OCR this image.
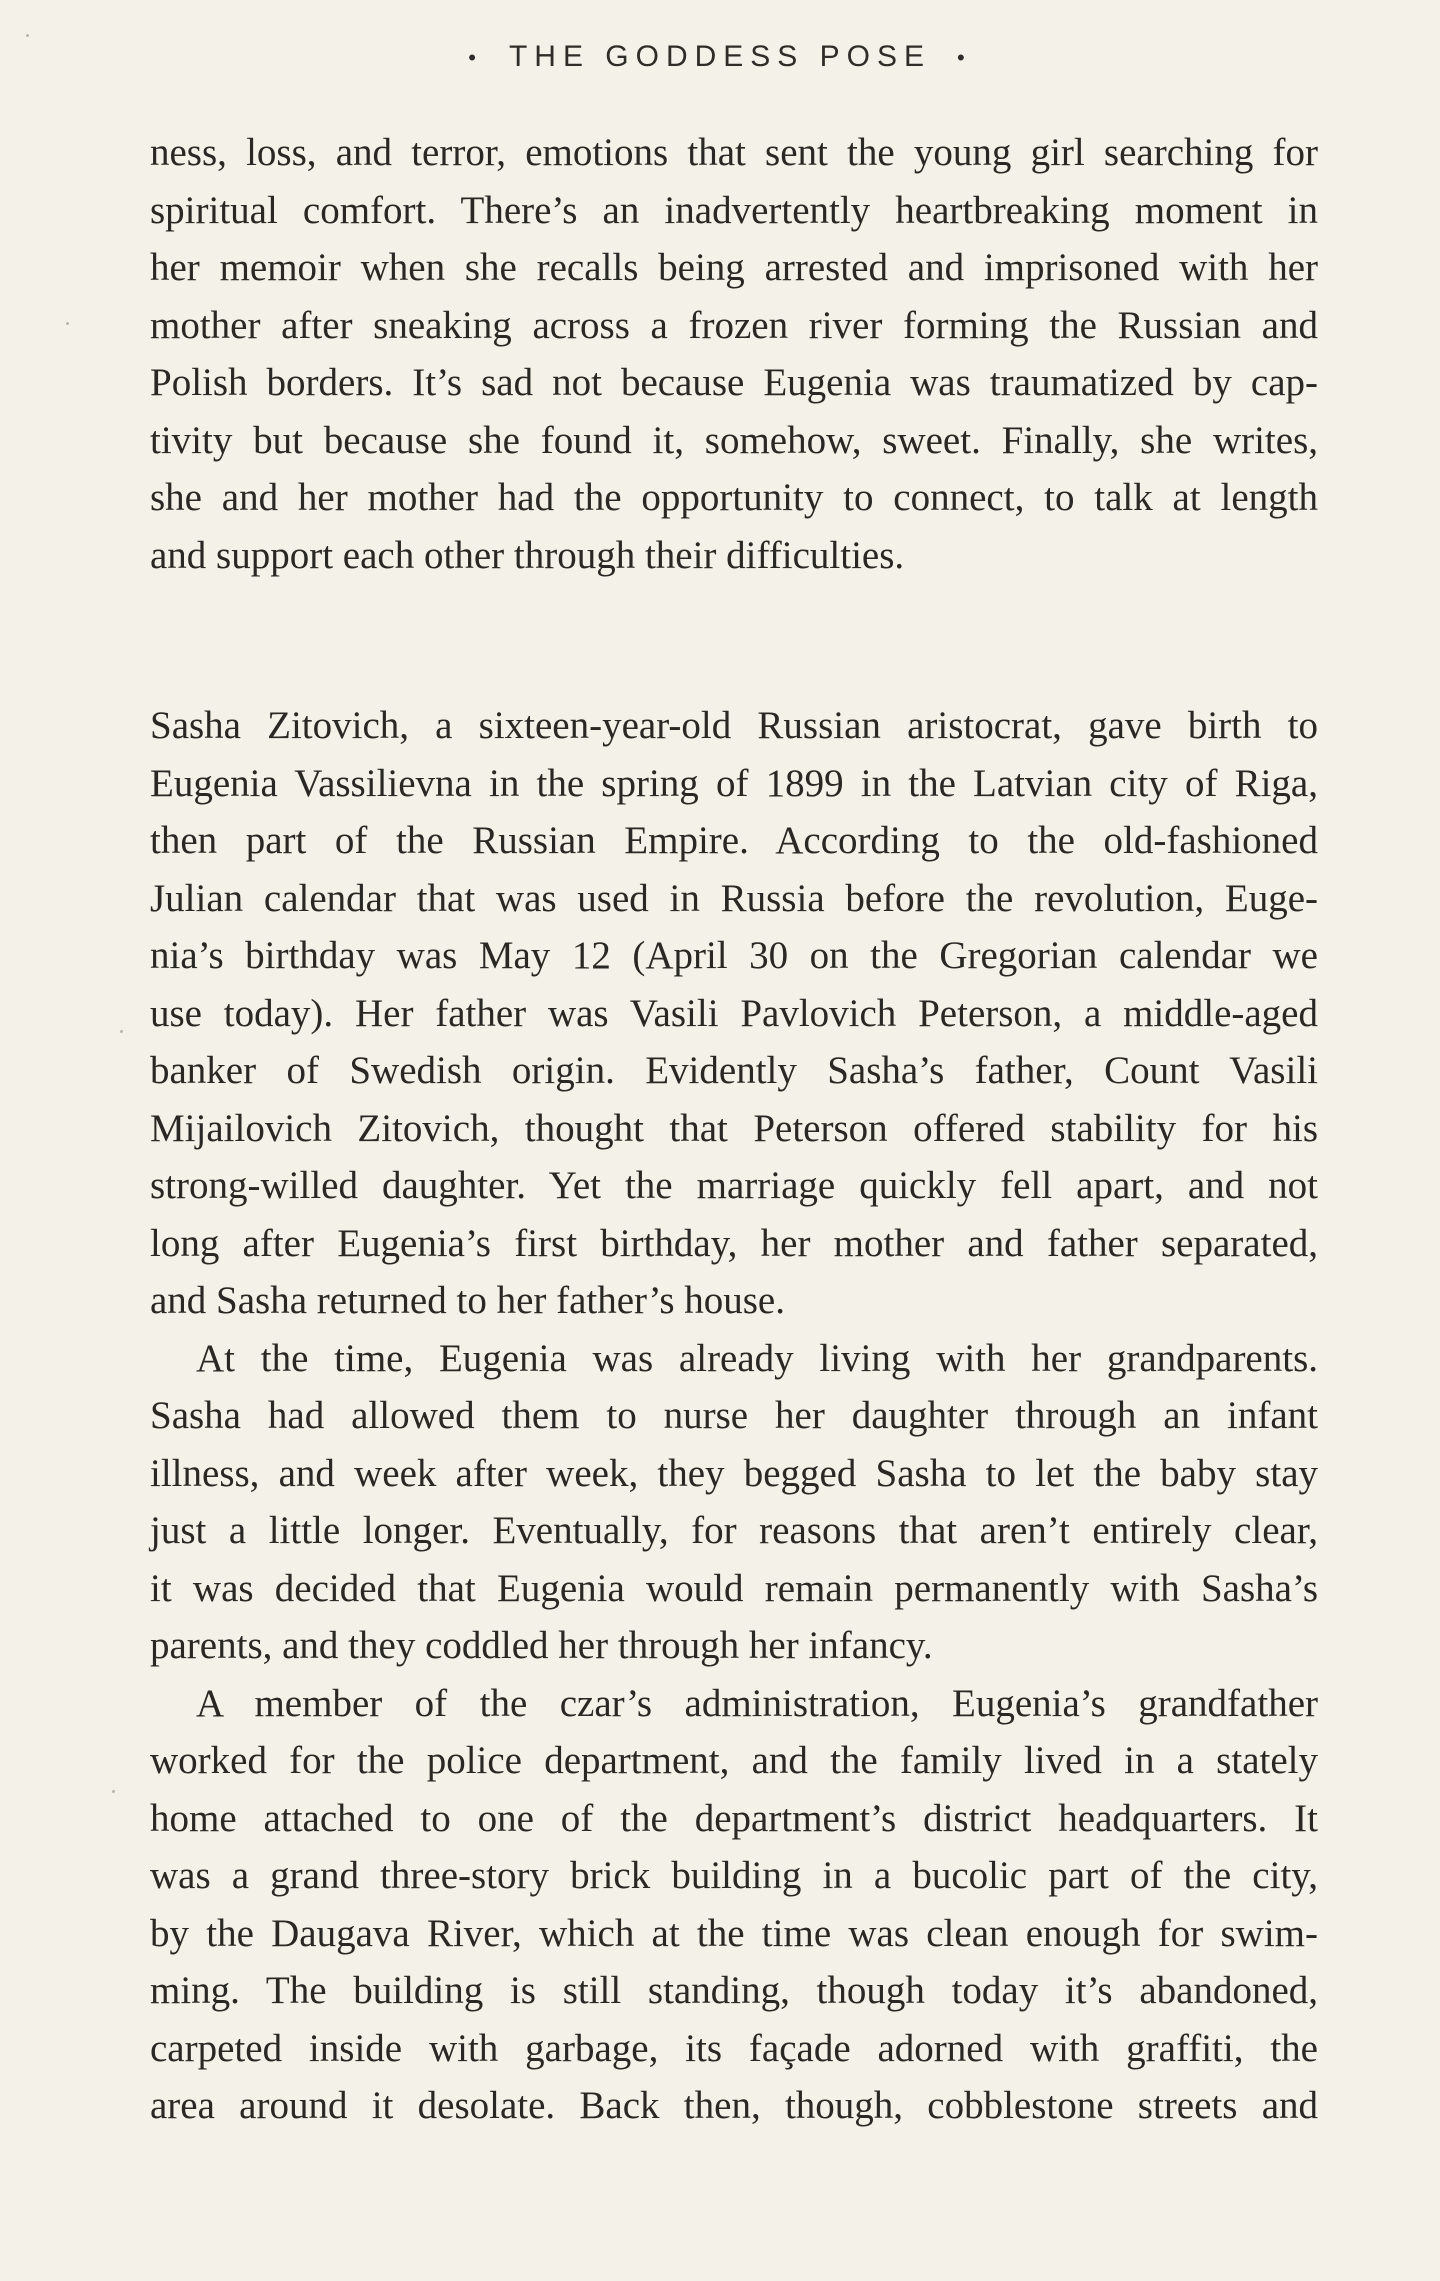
• THE GODDESS POSE •
ness, loss, and terror, emotions that sent the young girl searching for
spiritual comfort. There’s an inadvertently heartbreaking moment in
her memoir when she recalls being arrested and imprisoned with her
mother after sneaking across a frozen river forming the Russian and
Polish borders. It’s sad not because Eugenia was traumatized by cap-
tivity but because she found it, somehow, sweet. Finally, she writes,
she and her mother had the opportunity to connect, to talk at length
and support each other through their difficulties.
Sasha Zitovich, a sixteen-year-old Russian aristocrat, gave birth to
Eugenia Vassilievna in the spring of 1899 in the Latvian city of Riga,
then part of the Russian Empire. According to the old-fashioned
Julian calendar that was used in Russia before the revolution, Euge-
nia’s birthday was May 12 (April 30 on the Gregorian calendar we
use today). Her father was Vasili Pavlovich Peterson, a middle-aged
banker of Swedish origin. Evidently Sasha’s father, Count Vasili
Mijailovich Zitovich, thought that Peterson offered stability for his
strong-willed daughter. Yet the marriage quickly fell apart, and not
long after Eugenia’s first birthday, her mother and father separated,
and Sasha returned to her father’s house.
At the time, Eugenia was already living with her grandparents.
Sasha had allowed them to nurse her daughter through an infant
illness, and week after week, they begged Sasha to let the baby stay
just a little longer. Eventually, for reasons that aren’t entirely clear,
it was decided that Eugenia would remain permanently with Sasha’s
parents, and they coddled her through her infancy.
A member of the czar’s administration, Eugenia’s grandfather
worked for the police department, and the family lived in a stately
home attached to one of the department’s district headquarters. It
was a grand three-story brick building in a bucolic part of the city,
by the Daugava River, which at the time was clean enough for swim-
ming. The building is still standing, though today it’s abandoned,
carpeted inside with garbage, its façade adorned with graffiti, the
area around it desolate. Back then, though, cobblestone streets and
